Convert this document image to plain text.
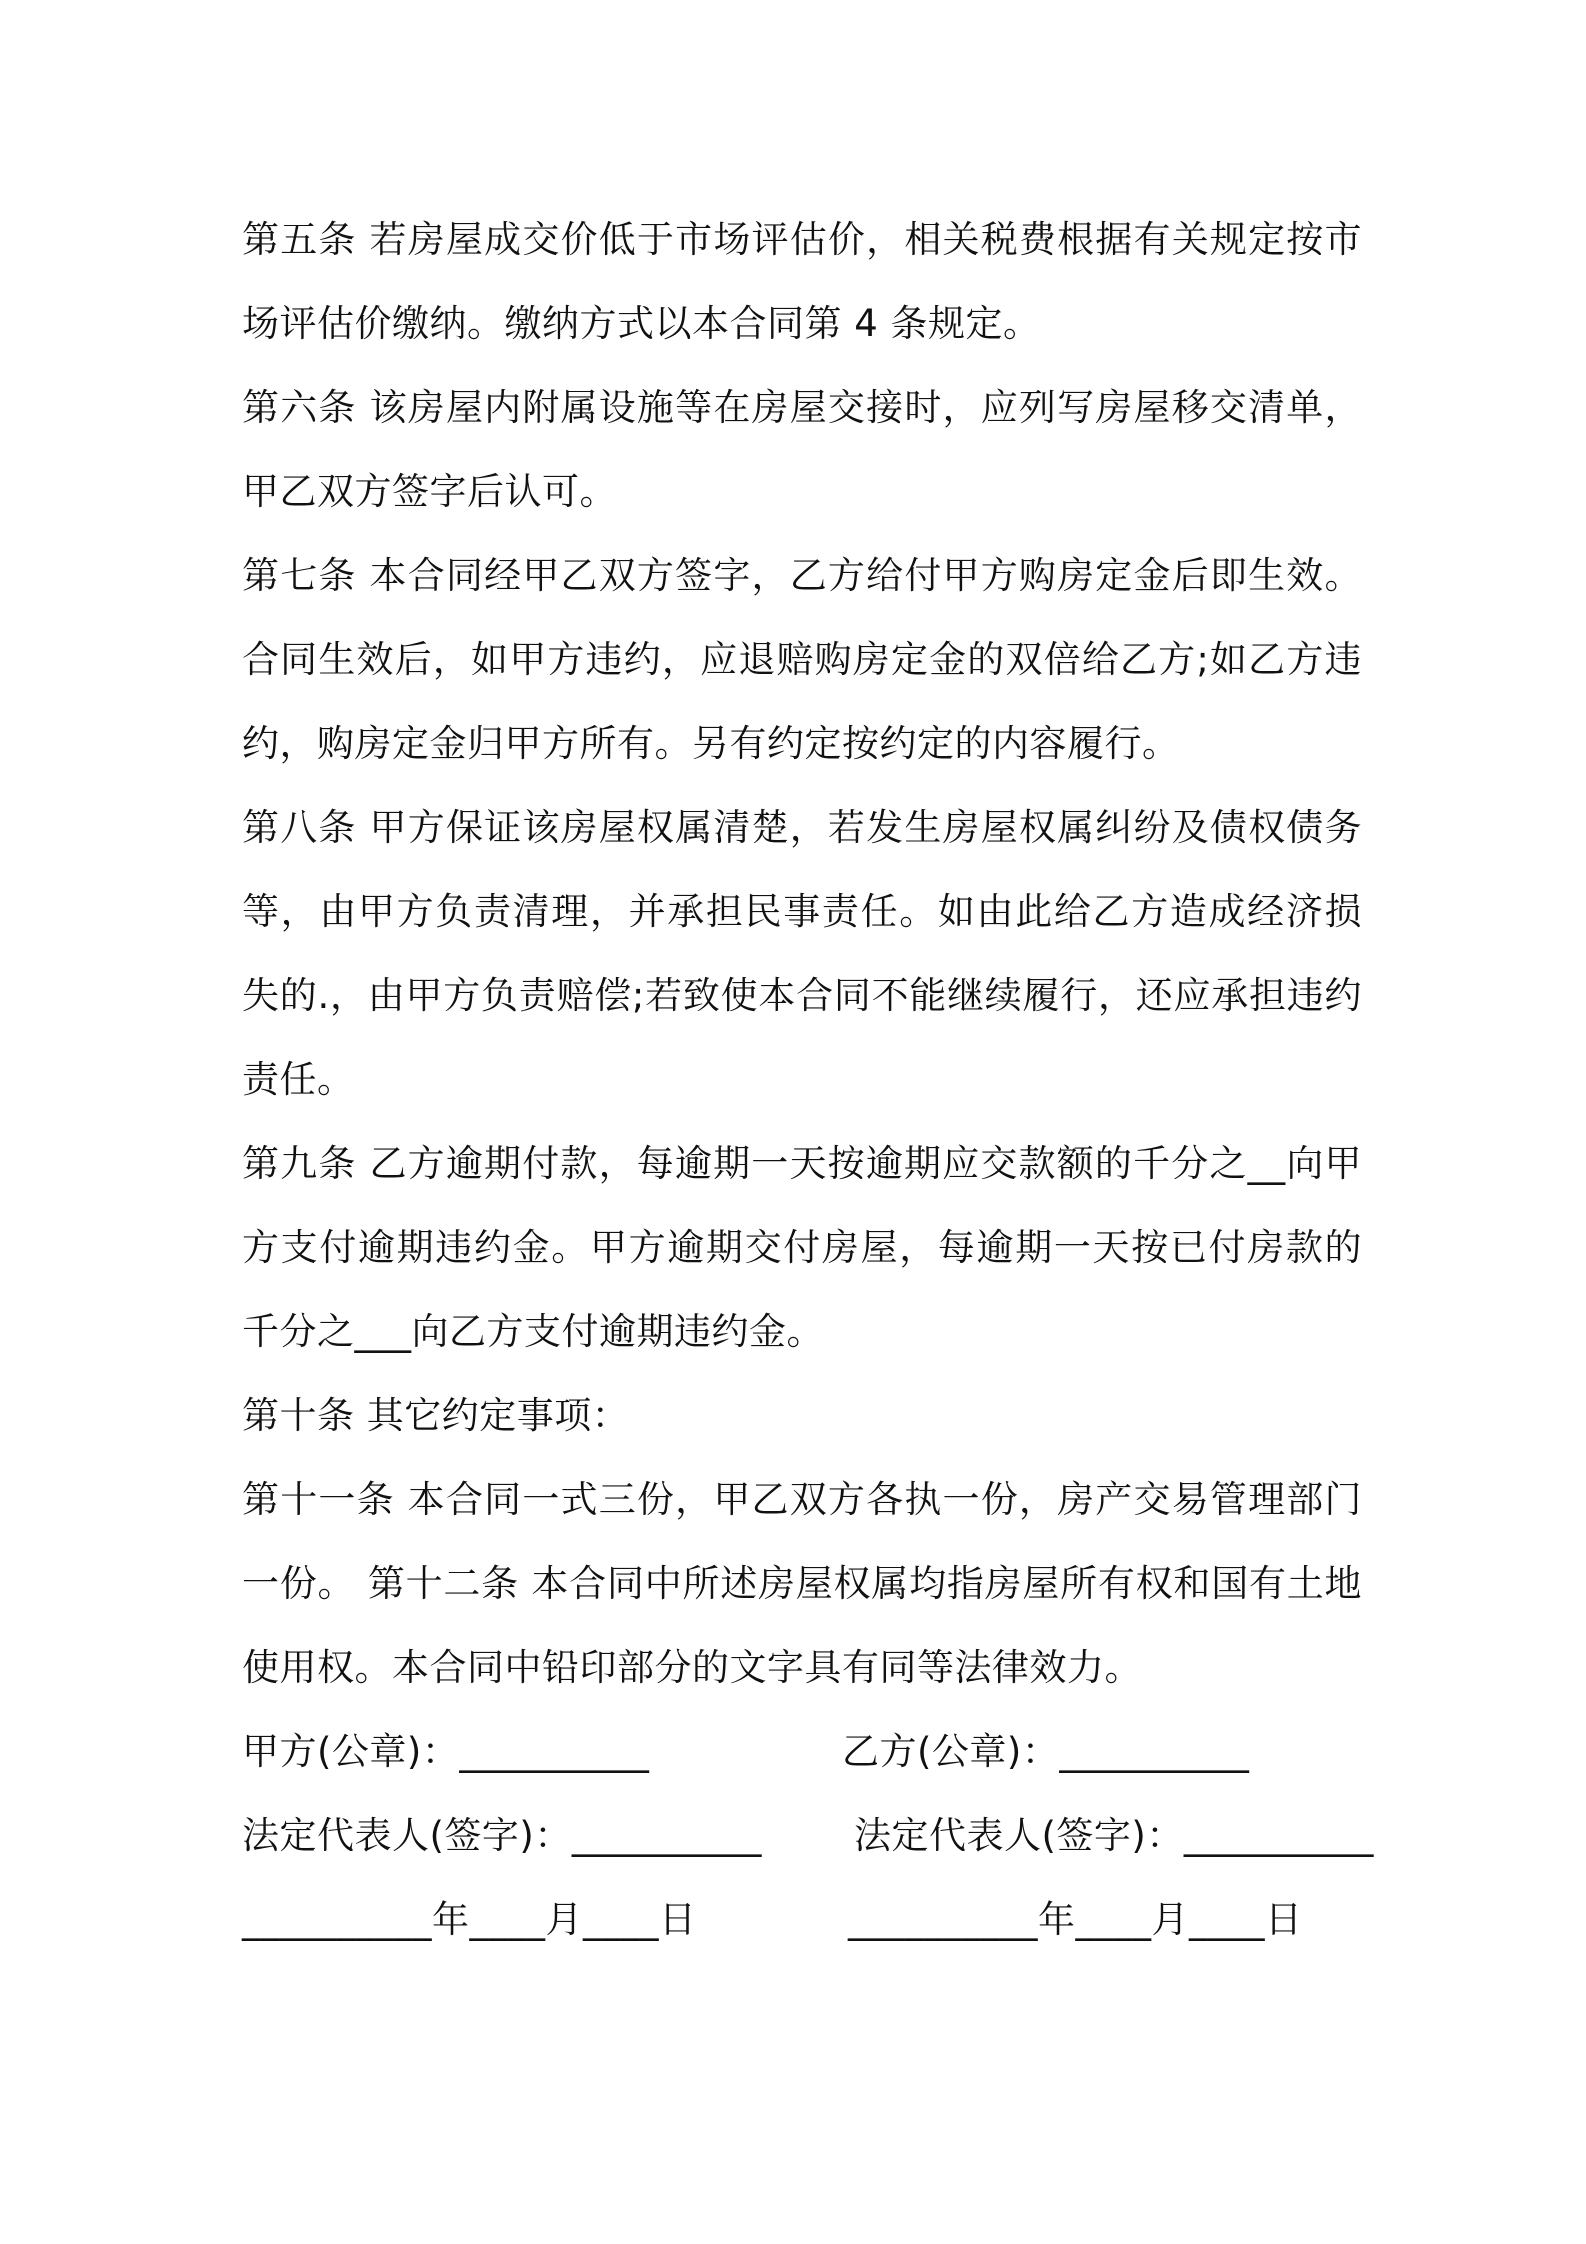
第五条 若房屋成交价低于市场评估价，相关税费根据有关规定按市场评估价缴纳。缴纳方式以本合同第 4 条规定。

第六条 该房屋内附属设施等在房屋交接时，应列写房屋移交清单，甲乙双方签字后认可。

第七条 本合同经甲乙双方签字，乙方给付甲方购房定金后即生效。合同生效后，如甲方违约，应退赔购房定金的双倍给乙方;如乙方违约，购房定金归甲方所有。另有约定按约定的内容履行。

第八条 甲方保证该房屋权属清楚，若发生房屋权属纠纷及债权债务等，由甲方负责清理，并承担民事责任。如由此给乙方造成经济损失的.，由甲方负责赔偿;若致使本合同不能继续履行，还应承担违约责任。

第九条 乙方逾期付款，每逾期一天按逾期应交款额的千分之__向甲方支付逾期违约金。甲方逾期交付房屋，每逾期一天按已付房款的千分之___向乙方支付逾期违约金。

第十条 其它约定事项：

第十一条 本合同一式三份，甲乙双方各执一份，房产交易管理部门一份。 第十二条 本合同中所述房屋权属均指房屋所有权和国有土地使用权。本合同中铅印部分的文字具有同等法律效力。

甲方(公章)：__________	乙方(公章)：__________
法定代表人(签字)：__________	法定代表人(签字)：__________
__________年____月____日	__________年____月____日
